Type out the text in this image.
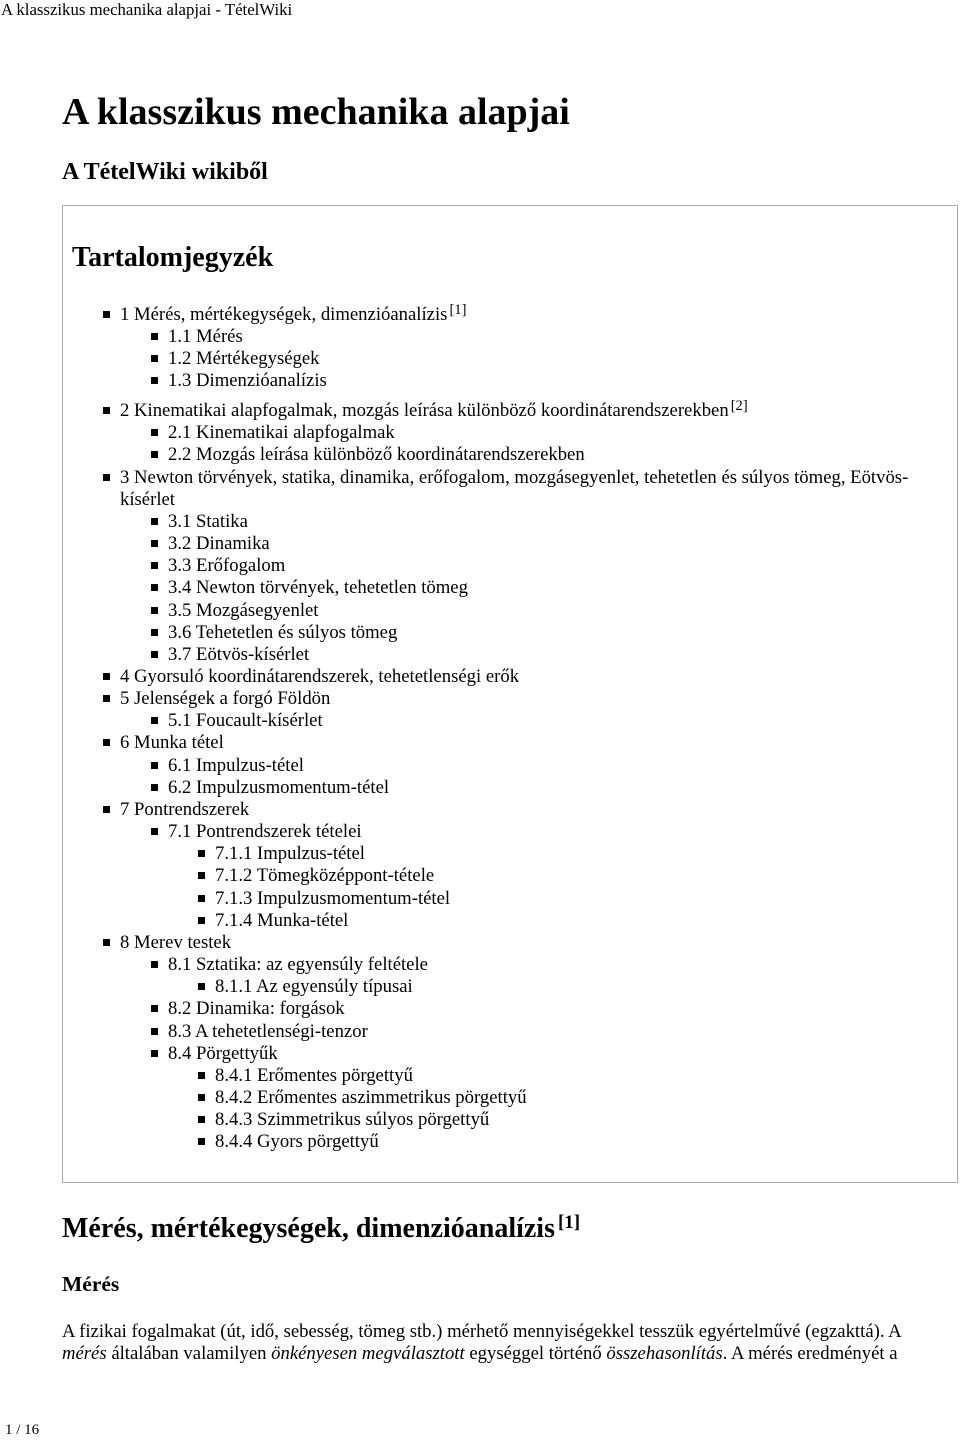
A klasszikus mechanika alapjai - TételWiki
A klasszikus mechanika alapjai
A TételWiki wikiből
Tartalomjegyzék
1 Mérés, mértékegységek, dimenzióanalízis [1]
1.1 Mérés
1.2 Mértékegységek
1.3 Dimenzióanalízis
2 Kinematikai alapfogalmak, mozgás leírása különböző koordinátarendszerekben [2]
2.1 Kinematikai alapfogalmak
2.2 Mozgás leírása különböző koordinátarendszerekben
3 Newton törvények, statika, dinamika, erőfogalom, mozgásegyenlet, tehetetlen és súlyos tömeg, Eötvös-kísérlet
3.1 Statika
3.2 Dinamika
3.3 Erőfogalom
3.4 Newton törvények, tehetetlen tömeg
3.5 Mozgásegyenlet
3.6 Tehetetlen és súlyos tömeg
3.7 Eötvös-kísérlet
4 Gyorsuló koordinátarendszerek, tehetetlenségi erők
5 Jelenségek a forgó Földön
5.1 Foucault-kísérlet
6 Munka tétel
6.1 Impulzus-tétel
6.2 Impulzusmomentum-tétel
7 Pontrendszerek
7.1 Pontrendszerek tételei
7.1.1 Impulzus-tétel
7.1.2 Tömegközéppont-tétele
7.1.3 Impulzusmomentum-tétel
7.1.4 Munka-tétel
8 Merev testek
8.1 Sztatika: az egyensúly feltétele
8.1.1 Az egyensúly típusai
8.2 Dinamika: forgások
8.3 A tehetetlenségi-tenzor
8.4 Pörgettyűk
8.4.1 Erőmentes pörgettyű
8.4.2 Erőmentes aszimmetrikus pörgettyű
8.4.3 Szimmetrikus súlyos pörgettyű
8.4.4 Gyors pörgettyű
Mérés, mértékegységek, dimenzióanalízis [1]
Mérés

A fizikai fogalmakat (út, idő, sebesség, tömeg stb.) mérhető mennyiségekkel tesszük egyértelművé (egzakttá). A mérés általában valamilyen önkényesen megválasztott egységgel történő összehasonlítás. A mérés eredményét a

1 / 16
